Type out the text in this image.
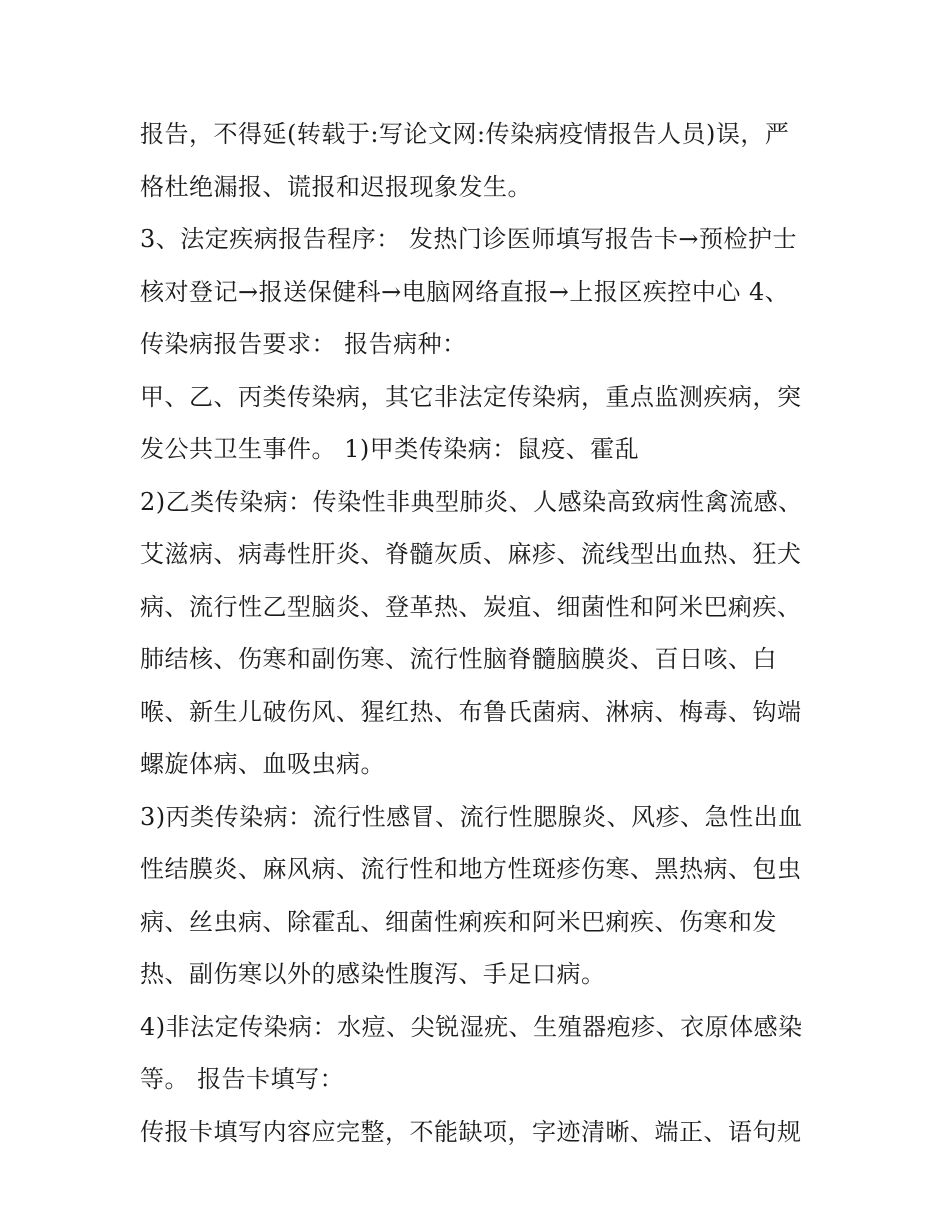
报告，不得延(转载于:写论文网:传染病疫情报告人员)误，严
格杜绝漏报、谎报和迟报现象发生。
3、法定疾病报告程序： 发热门诊医师填写报告卡→预检护士
核对登记→报送保健科→电脑网络直报→上报区疾控中心 4、
传染病报告要求： 报告病种：
甲、乙、丙类传染病，其它非法定传染病，重点监测疾病，突
发公共卫生事件。 1)甲类传染病：鼠疫、霍乱
2)乙类传染病：传染性非典型肺炎、人感染高致病性禽流感、
艾滋病、病毒性肝炎、脊髓灰质、麻疹、流线型出血热、狂犬
病、流行性乙型脑炎、登革热、炭疽、细菌性和阿米巴痢疾、
肺结核、伤寒和副伤寒、流行性脑脊髓脑膜炎、百日咳、白
喉、新生儿破伤风、猩红热、布鲁氏菌病、淋病、梅毒、钩端
螺旋体病、血吸虫病。
3)丙类传染病：流行性感冒、流行性腮腺炎、风疹、急性出血
性结膜炎、麻风病、流行性和地方性斑疹伤寒、黑热病、包虫
病、丝虫病、除霍乱、细菌性痢疾和阿米巴痢疾、伤寒和发
热、副伤寒以外的感染性腹泻、手足口病。
4)非法定传染病：水痘、尖锐湿疣、生殖器疱疹、衣原体感染
等。 报告卡填写：
传报卡填写内容应完整，不能缺项，字迹清晰、端正、语句规
